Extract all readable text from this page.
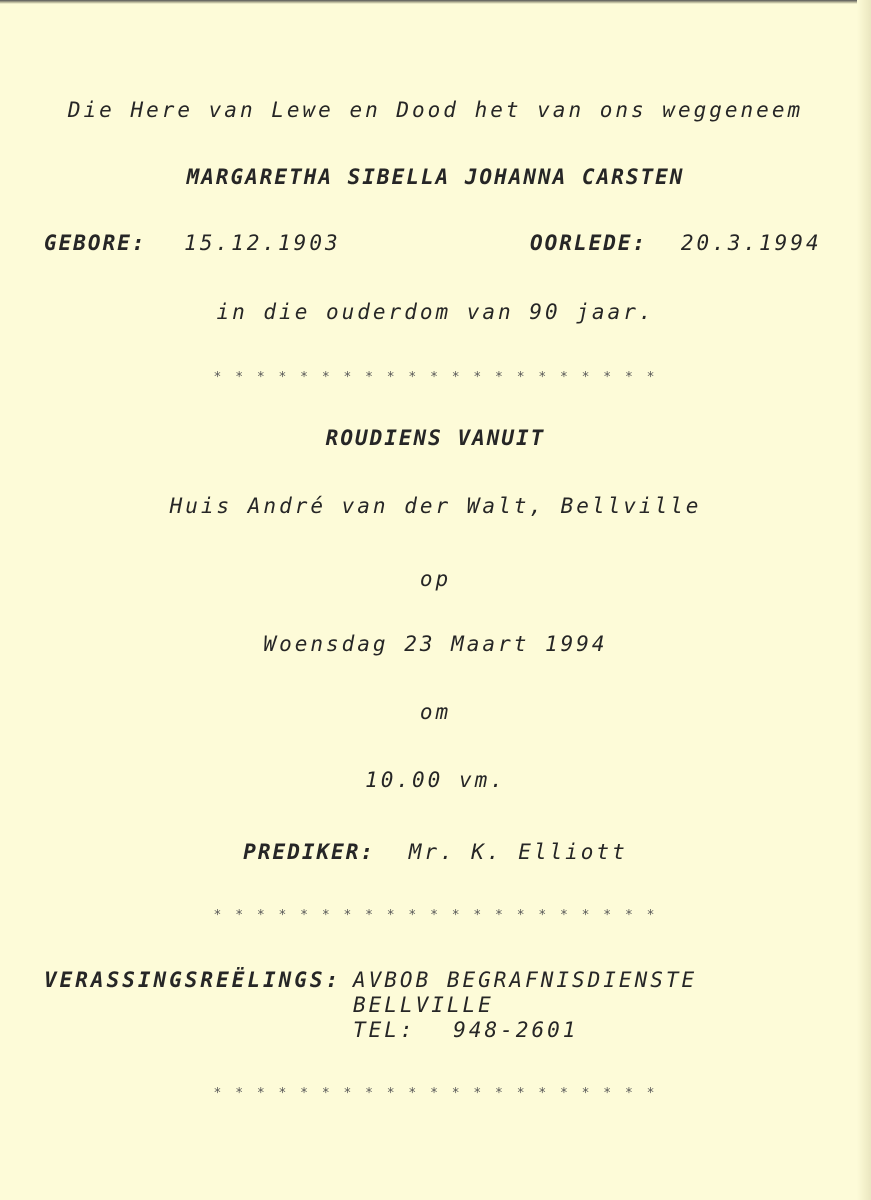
Die Here van Lewe en Dood het van ons weggeneem
MARGARETHA SIBELLA JOHANNA CARSTEN
GEBORE: 15.12.1903	OORLEDE: 20.3.1994
in die ouderdom van 90 jaar.
* * * * * * * * * * * * * * * * * * * * *
ROUDIENS VANUIT
Huis André van der Walt, Bellville
op
Woensdag 23 Maart 1994
om
10.00 vm.
PREDIKER: Mr. K. Elliott
* * * * * * * * * * * * * * * * * * * * *
VERASSINGSREËLINGS: AVBOB BEGRAFNISDIENSTE
BELLVILLE
TEL: 948-2601
* * * * * * * * * * * * * * * * * * * * *
